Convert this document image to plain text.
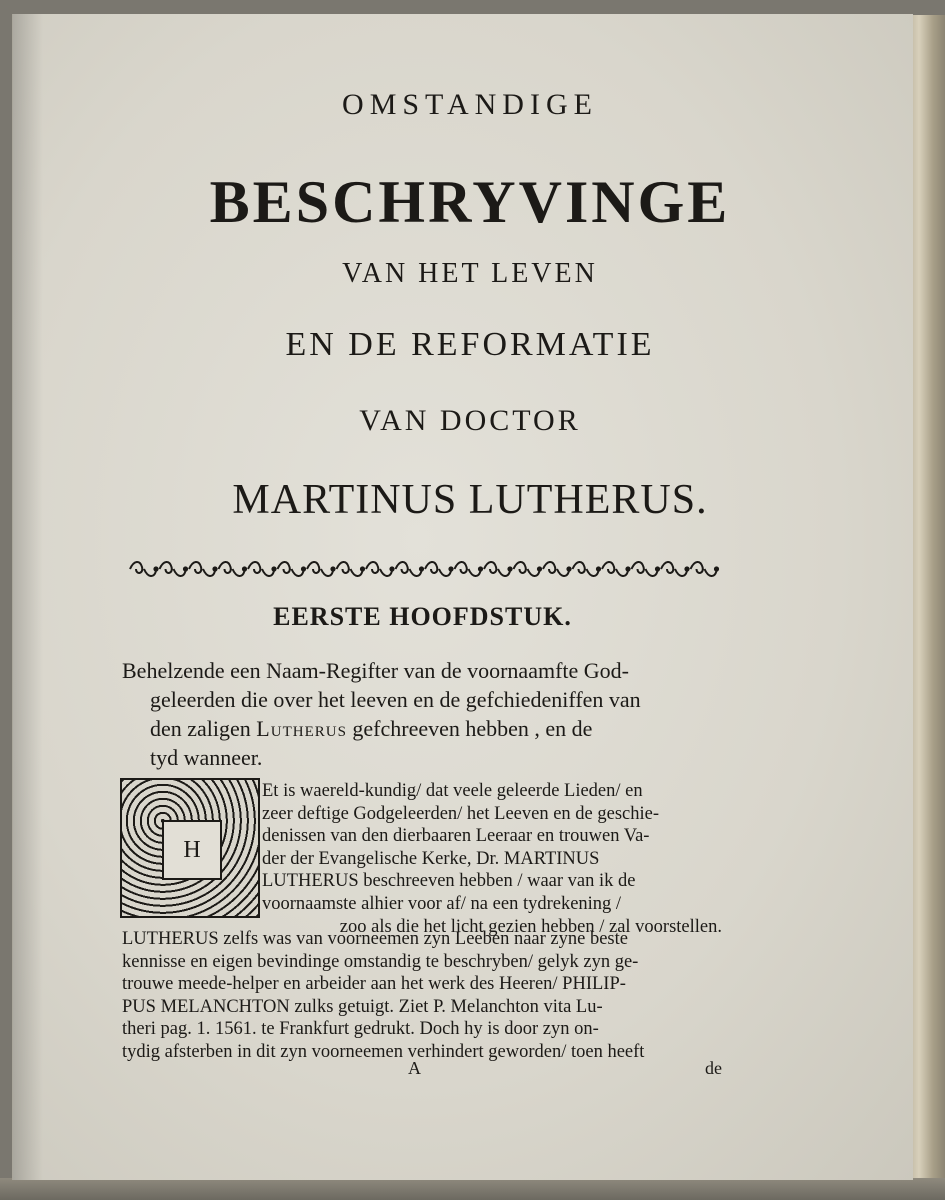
OMSTANDIGE
BESCHRYVINGE
VAN HET LEVEN
EN DE REFORMATIE
VAN DOCTOR
MARTINUS LUTHERUS.
EERSTE HOOFDSTUK.
Behelzende een Naam-Regifter van de voornaamfte God-
geleerden die over het leeven en de gefchiedeniffen van
den zaligen Lutherus gefchreeven hebben , en de
tyd wanneer.
H
Et is waereld-kundig/ dat veele geleerde Lieden/ en
zeer deftige Godgeleerden/ het Leeven en de geschie-
denissen van den dierbaaren Leeraar en trouwen Va-
der der Evangelische Kerke, Dr. MARTINUS
LUTHERUS beschreeven hebben / waar van ik de
voornaamste alhier voor af/ na een tydrekening /
zoo als die het licht gezien hebben / zal voorstellen.
LUTHERUS zelfs was van voorneemen zyn Leeben naar zyne beste
kennisse en eigen bevindinge omstandig te beschryben/ gelyk zyn ge-
trouwe meede-helper en arbeider aan het werk des Heeren/ PHILIP-
PUS MELANCHTON zulks getuigt. Ziet P. Melanchton vita Lu-
theri pag. 1. 1561. te Frankfurt gedrukt. Doch hy is door zyn on-
tydig afsterben in dit zyn voorneemen verhindert geworden/ toen heeft
A	de
